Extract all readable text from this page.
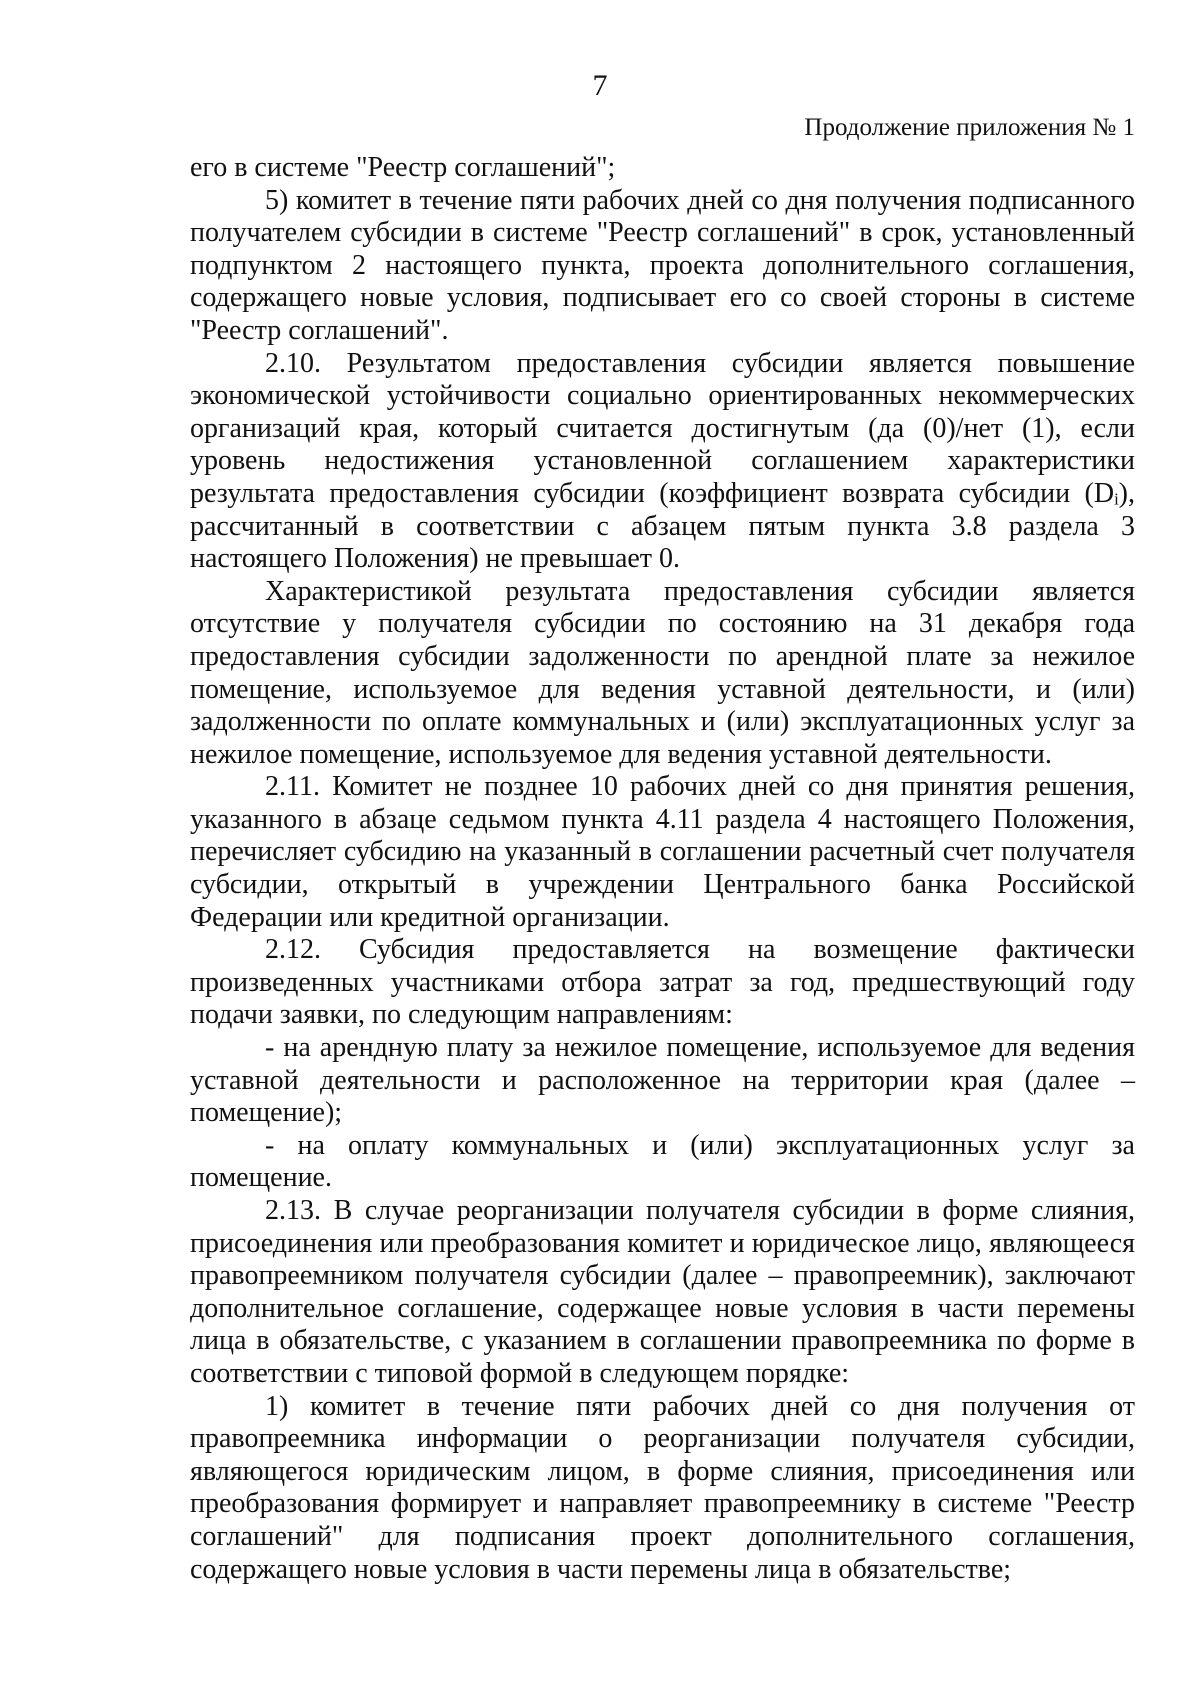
7
Продолжение приложения № 1

его в системе "Реестр соглашений";

5) комитет в течение пяти рабочих дней со дня получения подписанного получателем субсидии в системе "Реестр соглашений" в срок, установленный подпунктом 2 настоящего пункта, проекта дополнительного соглашения, содержащего новые условия, подписывает его со своей стороны в системе "Реестр соглашений".

2.10. Результатом предоставления субсидии является повышение экономической устойчивости социально ориентированных некоммерческих организаций края, который считается достигнутым (да (0)/нет (1), если уровень недостижения установленной соглашением характеристики результата предоставления субсидии (коэффициент возврата субсидии (Dᵢ), рассчитанный в соответствии с абзацем пятым пункта 3.8 раздела 3 настоящего Положения) не превышает 0.

Характеристикой результата предоставления субсидии является отсутствие у получателя субсидии по состоянию на 31 декабря года предоставления субсидии задолженности по арендной плате за нежилое помещение, используемое для ведения уставной деятельности, и (или) задолженности по оплате коммунальных и (или) эксплуатационных услуг за нежилое помещение, используемое для ведения уставной деятельности.

2.11. Комитет не позднее 10 рабочих дней со дня принятия решения, указанного в абзаце седьмом пункта 4.11 раздела 4 настоящего Положения, перечисляет субсидию на указанный в соглашении расчетный счет получателя субсидии, открытый в учреждении Центрального банка Российской Федерации или кредитной организации.

2.12. Субсидия предоставляется на возмещение фактически произведенных участниками отбора затрат за год, предшествующий году подачи заявки, по следующим направлениям:

- на арендную плату за нежилое помещение, используемое для ведения уставной деятельности и расположенное на территории края (далее – помещение);

- на оплату коммунальных и (или) эксплуатационных услуг за помещение.

2.13. В случае реорганизации получателя субсидии в форме слияния, присоединения или преобразования комитет и юридическое лицо, являющееся правопреемником получателя субсидии (далее – правопреемник), заключают дополнительное соглашение, содержащее новые условия в части перемены лица в обязательстве, с указанием в соглашении правопреемника по форме в соответствии с типовой формой в следующем порядке:

1) комитет в течение пяти рабочих дней со дня получения от правопреемника информации о реорганизации получателя субсидии, являющегося юридическим лицом, в форме слияния, присоединения или преобразования формирует и направляет правопреемнику в системе "Реестр соглашений" для подписания проект дополнительного соглашения, содержащего новые условия в части перемены лица в обязательстве;
